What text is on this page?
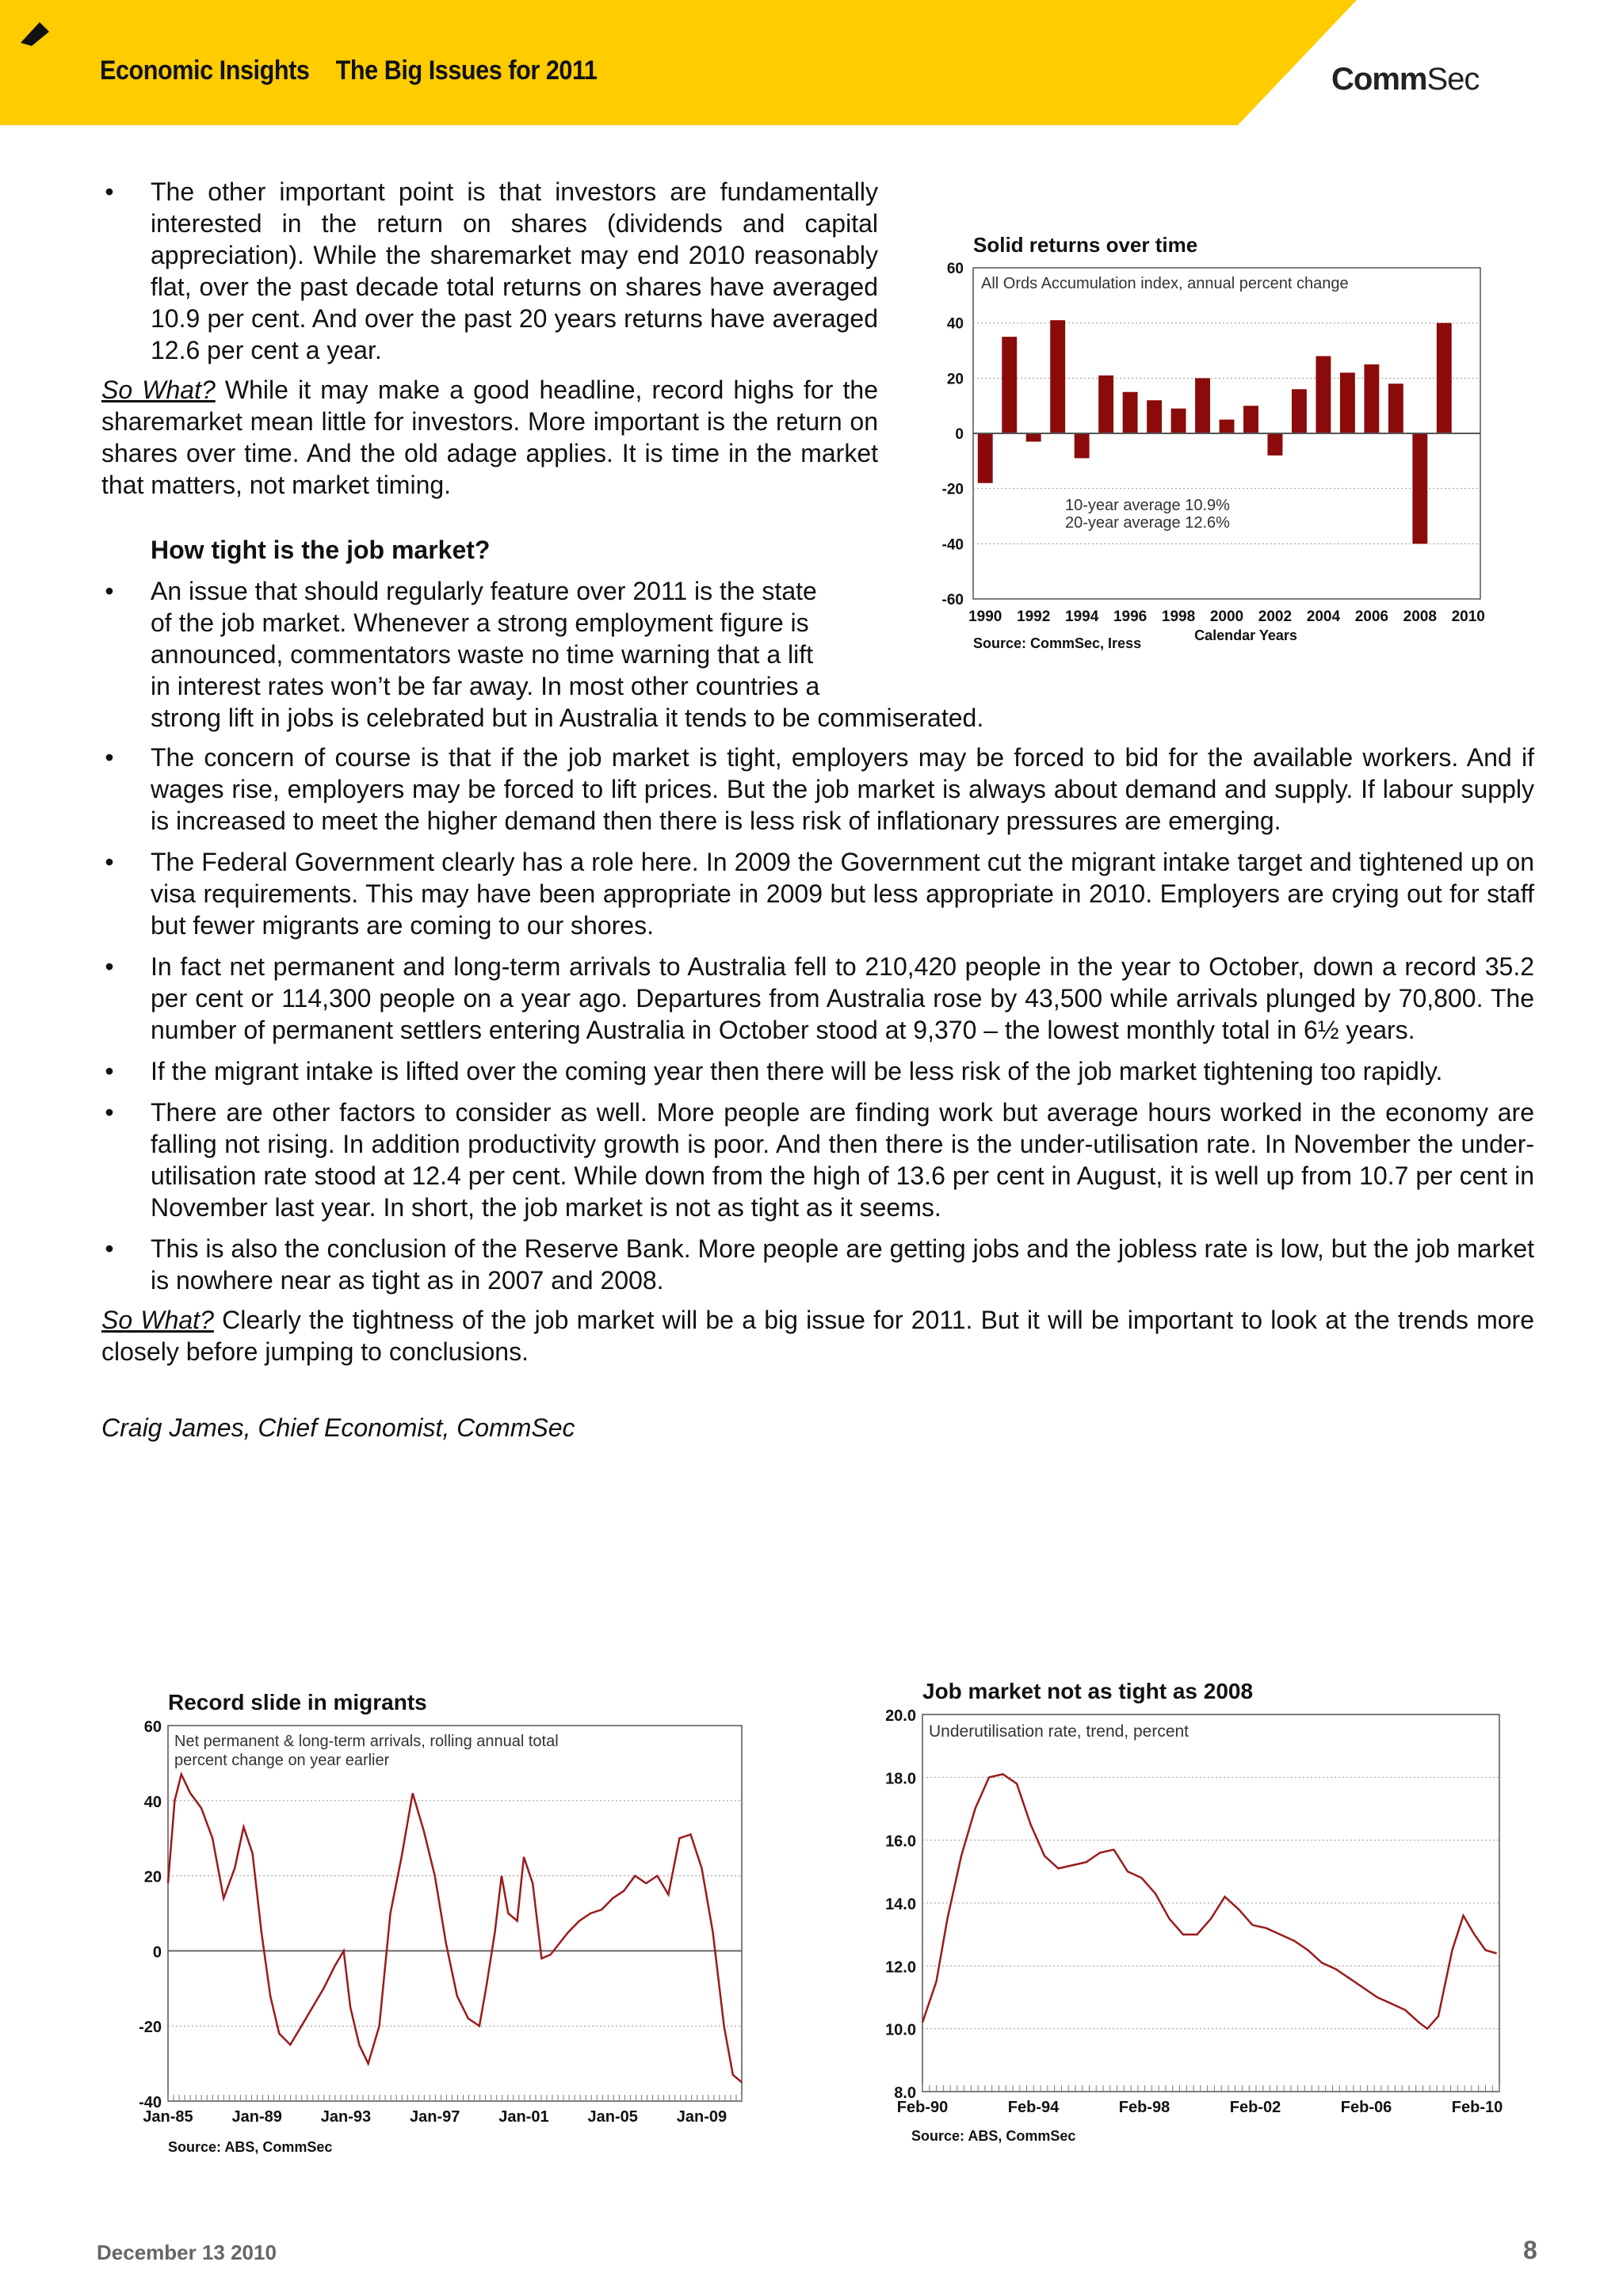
Economic Insights The Big Issues for 2011	CommSec
• The other important point is that investors are fundamentally interested in the return on shares (dividends and capital appreciation). While the sharemarket may end 2010 reasonably flat, over the past decade total returns on shares have averaged 10.9 per cent. And over the past 20 years returns have averaged 12.6 per cent a year.
So What? While it may make a good headline, record highs for the sharemarket mean little for investors. More important is the return on shares over time. And the old adage applies. It is time in the market that matters, not market timing.
How tight is the job market?
• An issue that should regularly feature over 2011 is the state
of the job market. Whenever a strong employment figure is
announced, commentators waste no time warning that a lift
in interest rates won’t be far away. In most other countries a
strong lift in jobs is celebrated but in Australia it tends to be commiserated.
• The concern of course is that if the job market is tight, employers may be forced to bid for the available workers. And if wages rise, employers may be forced to lift prices. But the job market is always about demand and supply. If labour supply is increased to meet the higher demand then there is less risk of inflationary pressures are emerging.
• The Federal Government clearly has a role here. In 2009 the Government cut the migrant intake target and tightened up on visa requirements. This may have been appropriate in 2009 but less appropriate in 2010. Employers are crying out for staff but fewer migrants are coming to our shores.
• In fact net permanent and long-term arrivals to Australia fell to 210,420 people in the year to October, down a record 35.2 per cent or 114,300 people on a year ago. Departures from Australia rose by 43,500 while arrivals plunged by 70,800. The number of permanent settlers entering Australia in October stood at 9,370 – the lowest monthly total in 6½ years.
• If the migrant intake is lifted over the coming year then there will be less risk of the job market tightening too rapidly.
• There are other factors to consider as well. More people are finding work but average hours worked in the economy are falling not rising. In addition productivity growth is poor. And then there is the under-utilisation rate. In November the under-utilisation rate stood at 12.4 per cent. While down from the high of 13.6 per cent in August, it is well up from 10.7 per cent in November last year. In short, the job market is not as tight as it seems.
• This is also the conclusion of the Reserve Bank. More people are getting jobs and the jobless rate is low, but the job market is nowhere near as tight as in 2007 and 2008.
So What? Clearly the tightness of the job market will be a big issue for 2011. But it will be important to look at the trends more closely before jumping to conclusions.
Craig James, Chief Economist, CommSec
Solid returns over time
All Ords Accumulation index, annual percent change
60
40
20
0
-20
-40
-60
1990 1992 1994 1996 1998 2000 2002 2004 2006 2008 2010
10-year average 10.9%
20-year average 12.6%
Calendar Years
Source: CommSec, Iress
Record slide in migrants
Net permanent & long-term arrivals, rolling annual total
percent change on year earlier
60
40
20
0
-20
-40
Jan-85 Jan-89 Jan-93 Jan-97 Jan-01 Jan-05 Jan-09
Source: ABS, CommSec
Job market not as tight as 2008
Underutilisation rate, trend, percent
20.0
18.0
16.0
14.0
12.0
10.0
8.0
Feb-90	Feb-94	Feb-98	Feb-02	Feb-06	Feb-10
Source: ABS, CommSec
December 13 2010	8
